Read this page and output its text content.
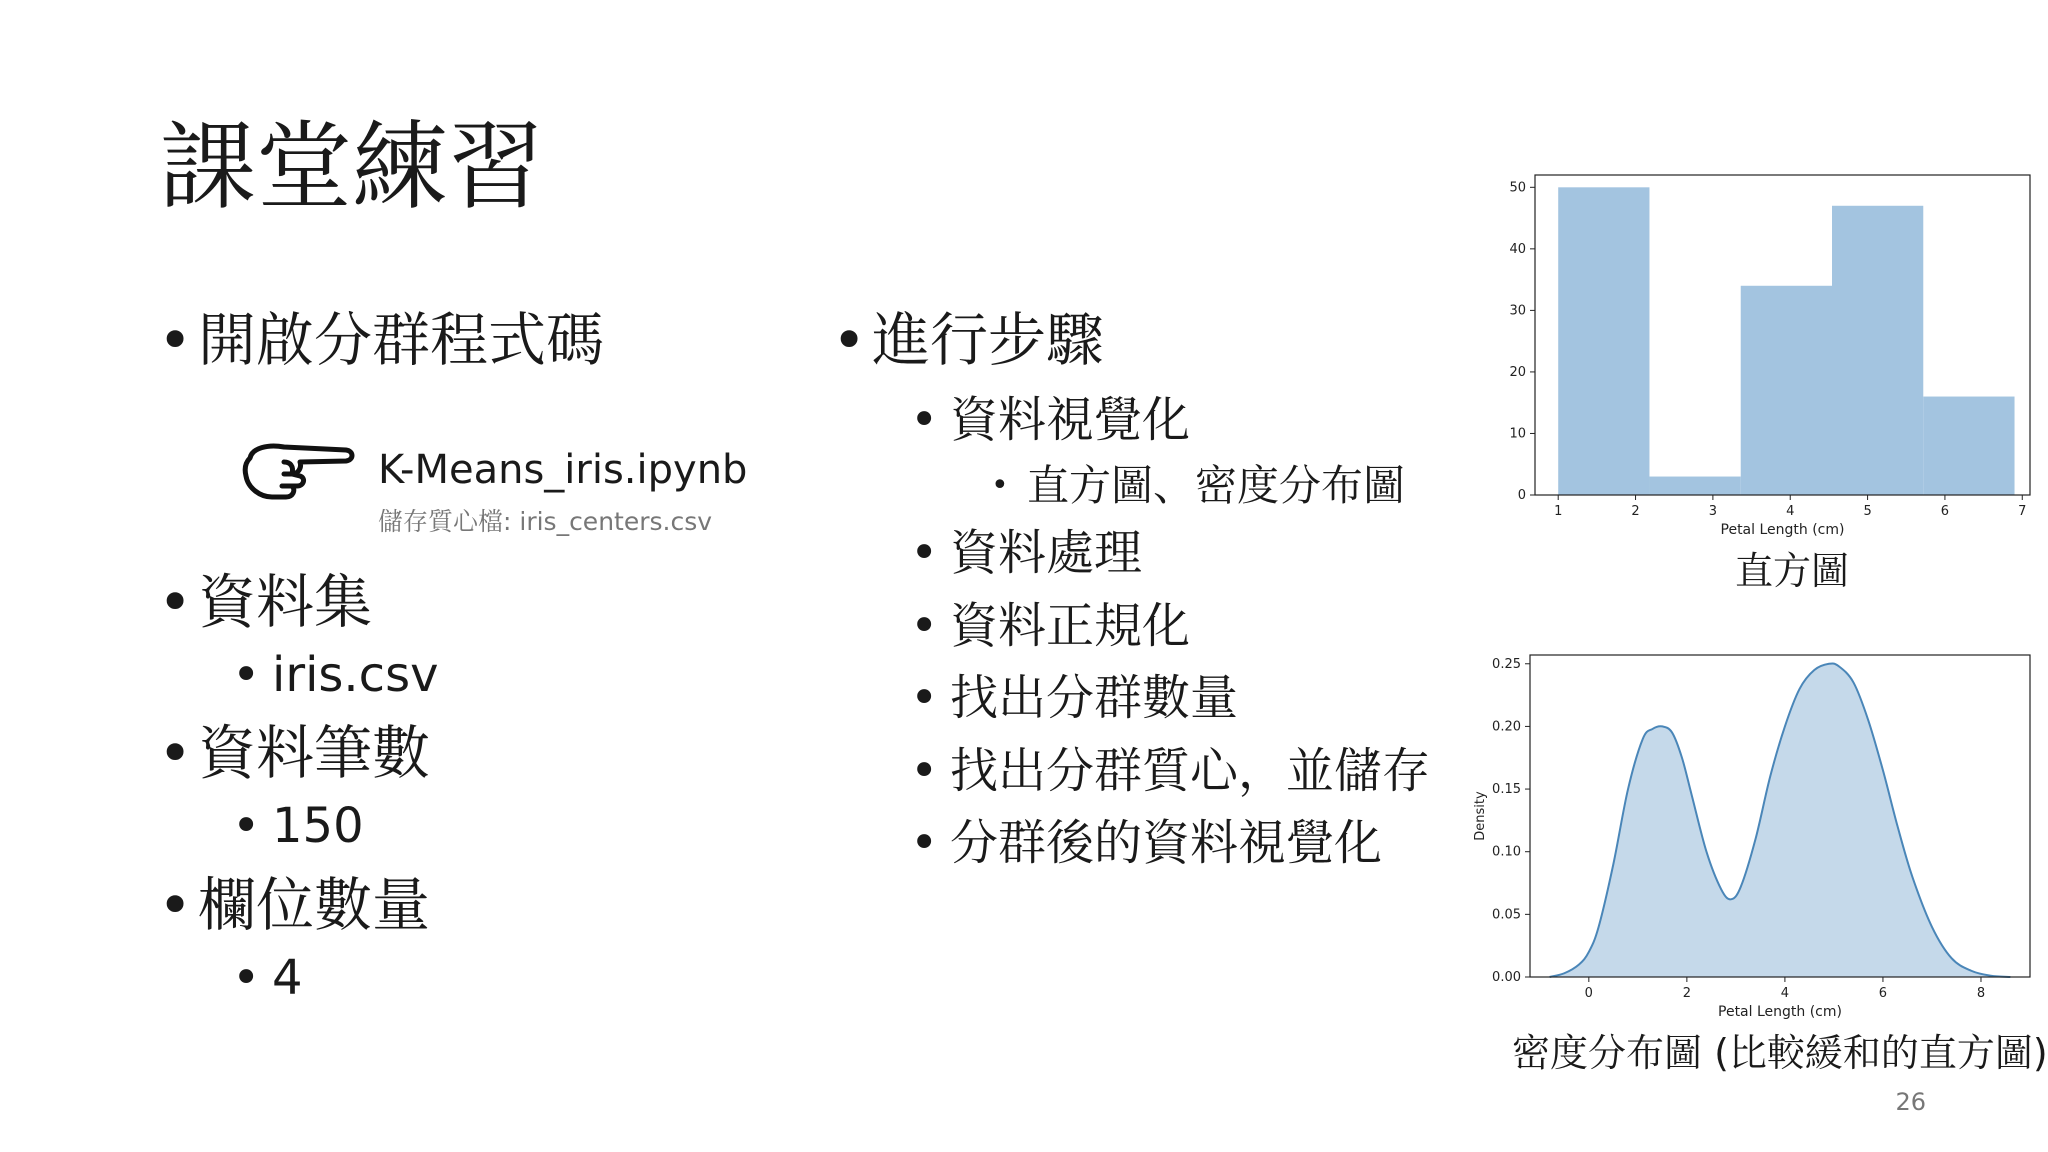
課堂練習
• 開啟分群程式碼
K-Means_iris.ipynb
儲存質心檔: iris_centers.csv
• 資料集
• iris.csv
• 資料筆數
• 150
• 欄位數量
• 4
• 進行步驟
• 資料視覺化
• 直方圖、密度分布圖
• 資料處理
• 資料正規化
• 找出分群數量
• 找出分群質心，並儲存
• 分群後的資料視覺化
1	2	3	4	5	6	7
0
10
20
30
40
50
Petal Length (cm)
直方圖
0	2	4	6	8
0.00
0.05
0.10
0.15
0.20
0.25
Petal Length (cm)
Density
密度分布圖 (比較緩和的直方圖)
26
